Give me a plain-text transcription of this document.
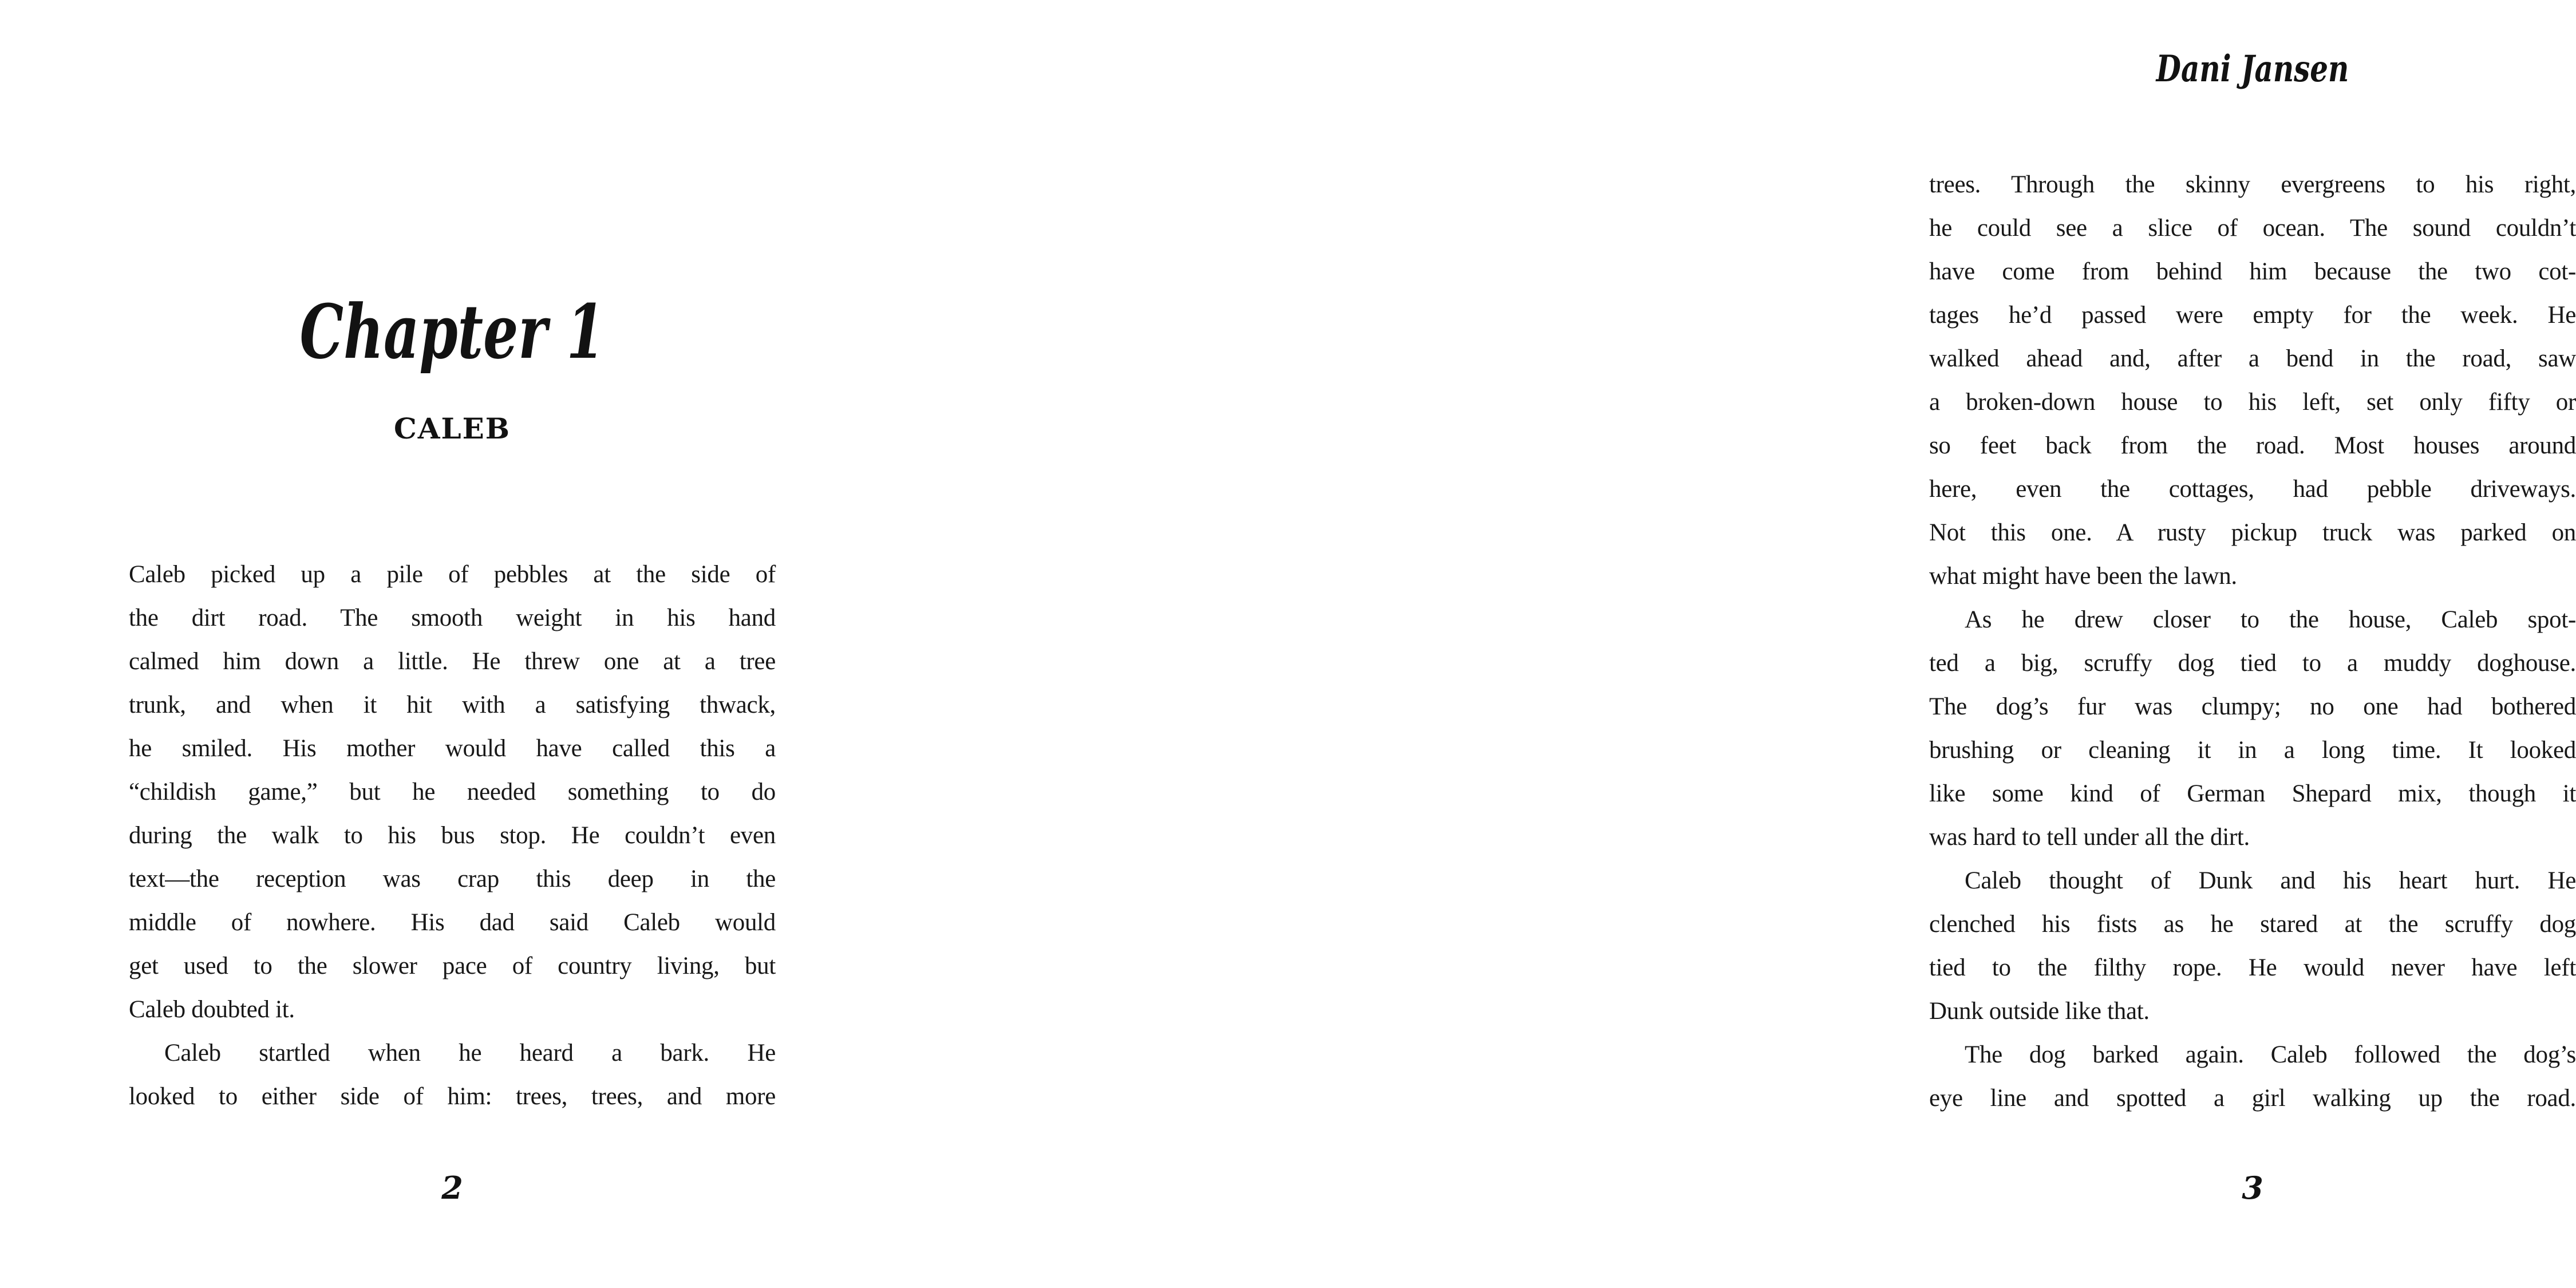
Chapter 1
CALEB
Caleb picked up a pile of pebbles at the side of
the dirt road. The smooth weight in his hand
calmed him down a little. He threw one at a tree
trunk, and when it hit with a satisfying thwack,
he smiled. His mother would have called this a
“childish game,” but he needed something to do
during the walk to his bus stop. He couldn’t even
text—the reception was crap this deep in the
middle of nowhere. His dad said Caleb would
get used to the slower pace of country living, but
Caleb doubted it.
Caleb startled when he heard a bark. He
looked to either side of him: trees, trees, and more
2
Dani Jansen
trees. Through the skinny evergreens to his right,
he could see a slice of ocean. The sound couldn’t
have come from behind him because the two cot-
tages he’d passed were empty for the week. He
walked ahead and, after a bend in the road, saw
a broken-down house to his left, set only fifty or
so feet back from the road. Most houses around
here, even the cottages, had pebble driveways.
Not this one. A rusty pickup truck was parked on
what might have been the lawn.
As he drew closer to the house, Caleb spot-
ted a big, scruffy dog tied to a muddy doghouse.
The dog’s fur was clumpy; no one had bothered
brushing or cleaning it in a long time. It looked
like some kind of German Shepard mix, though it
was hard to tell under all the dirt.
Caleb thought of Dunk and his heart hurt. He
clenched his fists as he stared at the scruffy dog
tied to the filthy rope. He would never have left
Dunk outside like that.
The dog barked again. Caleb followed the dog’s
eye line and spotted a girl walking up the road.
3
